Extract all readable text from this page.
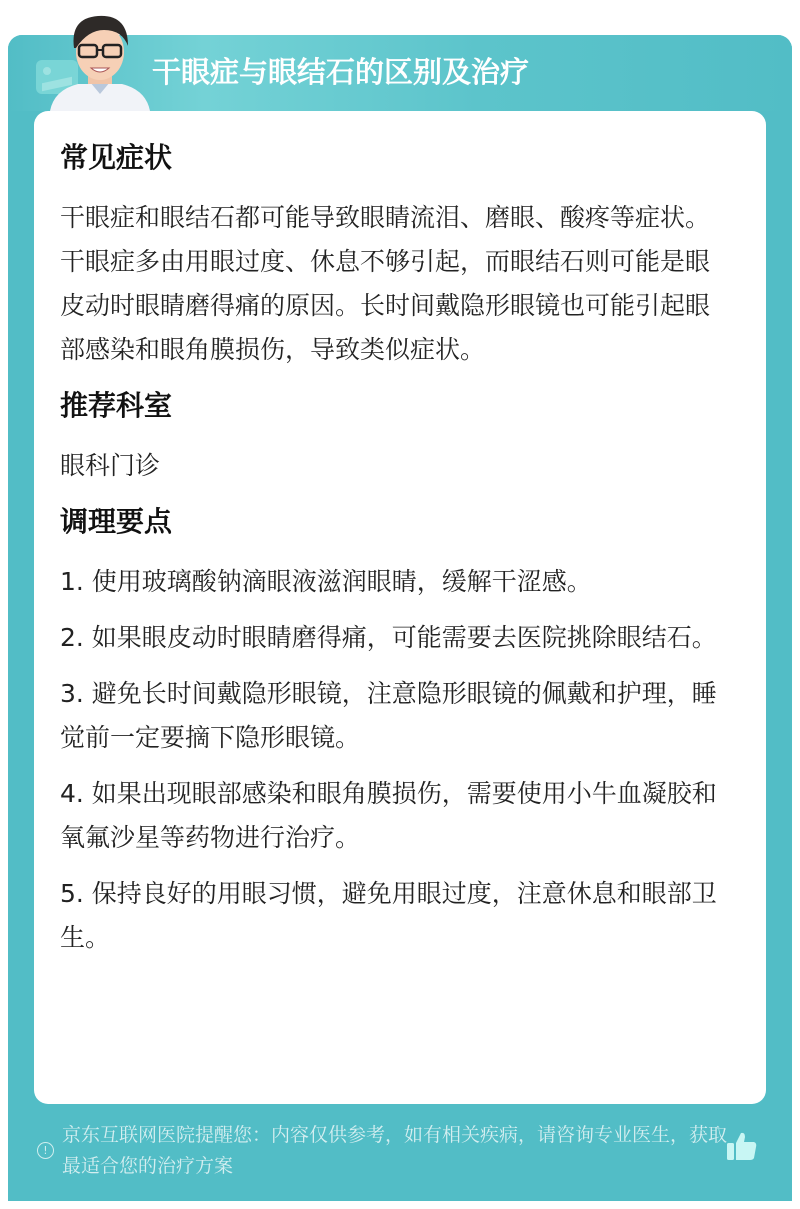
干眼症与眼结石的区别及治疗
常见症状

干眼症和眼结石都可能导致眼睛流泪、磨眼、酸疼等症状。干眼症多由用眼过度、休息不够引起，而眼结石则可能是眼皮动时眼睛磨得痛的原因。长时间戴隐形眼镜也可能引起眼部感染和眼角膜损伤，导致类似症状。

推荐科室

眼科门诊

调理要点

1. 使用玻璃酸钠滴眼液滋润眼睛，缓解干涩感。

2. 如果眼皮动时眼睛磨得痛，可能需要去医院挑除眼结石。

3. 避免长时间戴隐形眼镜，注意隐形眼镜的佩戴和护理，睡觉前一定要摘下隐形眼镜。

4. 如果出现眼部感染和眼角膜损伤，需要使用小牛血凝胶和氧氟沙星等药物进行治疗。

5. 保持良好的用眼习惯，避免用眼过度，注意休息和眼部卫生。

!
京东互联网医院提醒您：内容仅供参考，如有相关疾病，请咨询专业医生，获取最适合您的治疗方案
